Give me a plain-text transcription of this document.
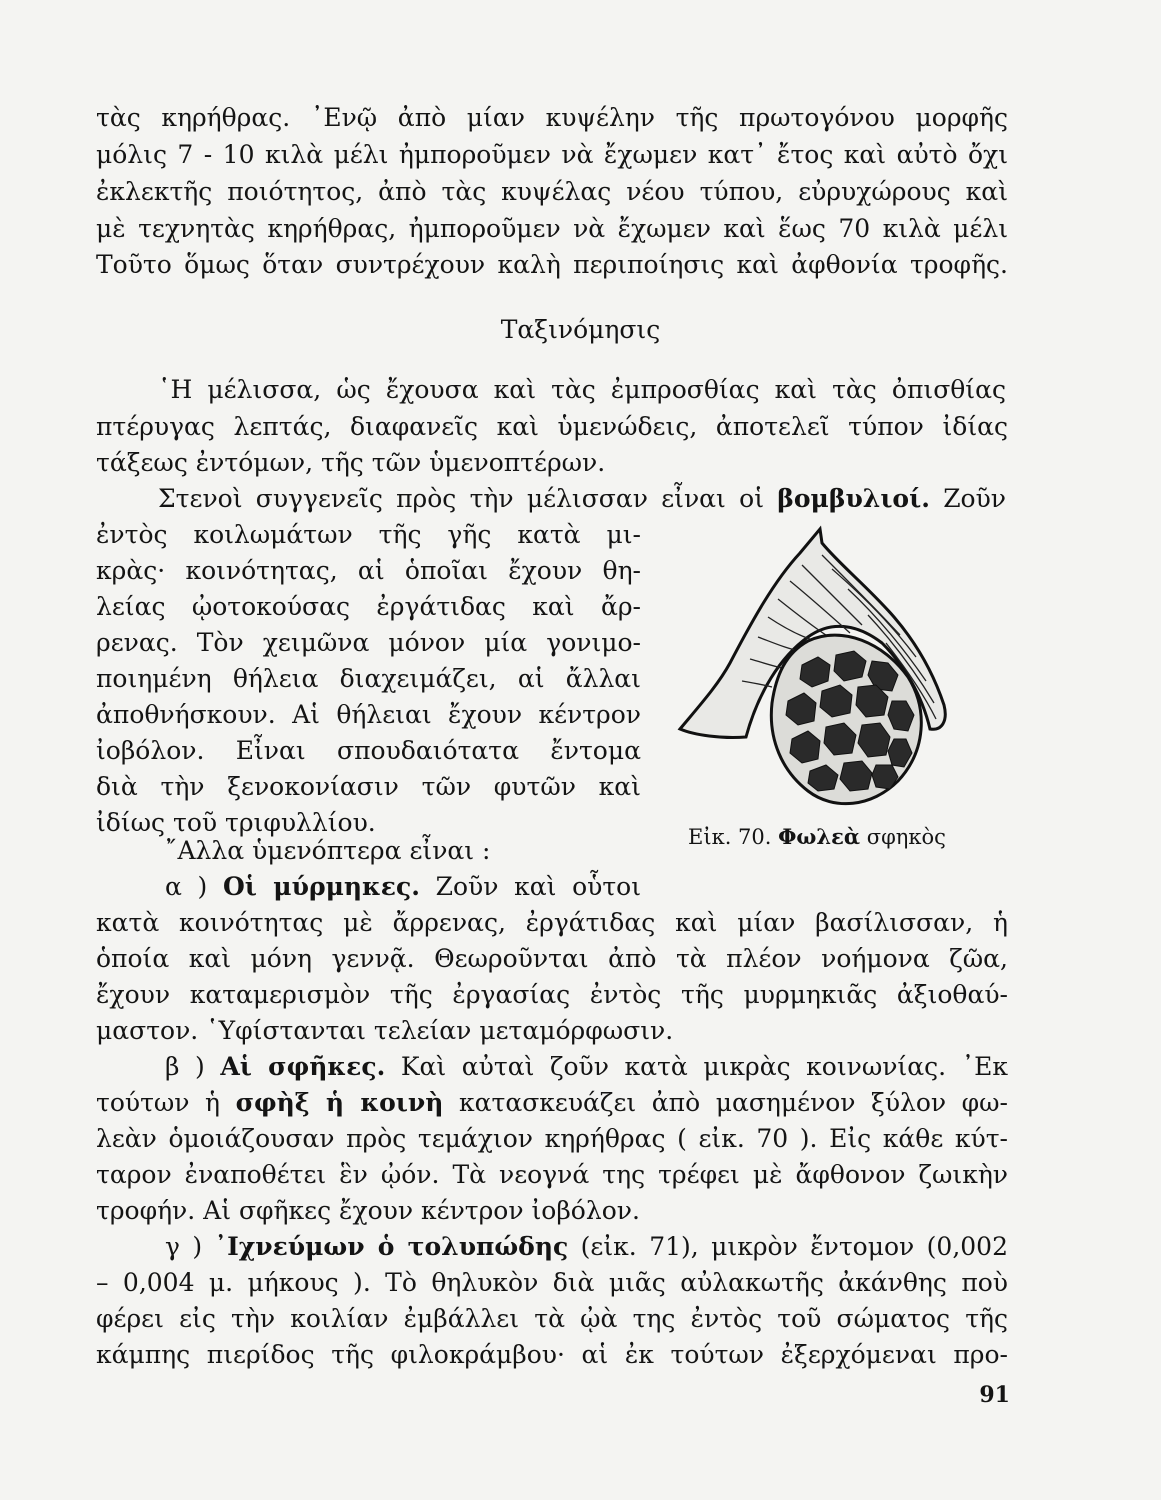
τὰς κηρήθρας. ᾿Ενῷ ἀπὸ μίαν κυψέλην τῆς πρωτογόνου μορφῆς
μόλις 7 - 10 κιλὰ μέλι ἠμποροῦμεν νὰ ἔχωμεν κατ᾿ ἔτος καὶ αὐτὸ ὄχι
ἐκλεκτῆς ποιότητος, ἀπὸ τὰς κυψέλας νέου τύπου, εὐρυχώρους καὶ
μὲ τεχνητὰς κηρήθρας, ἠμποροῦμεν νὰ ἔχωμεν καὶ ἕως 70 κιλὰ μέλι
Τοῦτο ὅμως ὅταν συντρέχουν καλὴ περιποίησις καὶ ἀφθονία τροφῆς.
Ταξινόμησις
῾Η μέλισσα, ὡς ἔχουσα καὶ τὰς ἐμπροσθίας καὶ τὰς ὀπισθίας
πτέρυγας λεπτάς, διαφανεῖς καὶ ὑμενώδεις, ἀποτελεῖ τύπον ἰδίας
τάξεως ἐντόμων, τῆς τῶν ὑμενοπτέρων.
Στενοὶ συγγενεῖς πρὸς τὴν μέλισσαν εἶναι οἱ βομβυλιοί. Ζοῦν
ἐντὸς κοιλωμάτων τῆς γῆς κατὰ μι-
κρὰς· κοινότητας, αἱ ὁποῖαι ἔχουν θη-
λείας ᾠοτοκούσας ἐργάτιδας καὶ ἄρ-
ρενας. Τὸν χειμῶνα μόνον μία γονιμο-
ποιημένη θήλεια διαχειμάζει, αἱ ἄλλαι
ἀποθνήσκουν. Αἱ θήλειαι ἔχουν κέντρον
ἰοβόλον. Εἶναι σπουδαιότατα ἔντομα
διὰ τὴν ξενοκονίασιν τῶν φυτῶν καὶ
ἰδίως τοῦ τριφυλλίου.
῎Αλλα ὑμενόπτερα εἶναι :
α ) Οἱ μύρμηκες. Ζοῦν καὶ οὗτοι
κατὰ κοινότητας μὲ ἄρρενας, ἐργάτιδας καὶ μίαν βασίλισσαν, ἡ
ὁποία καὶ μόνη γεννᾷ. Θεωροῦνται ἀπὸ τὰ πλέον νοήμονα ζῶα,
ἔχουν καταμερισμὸν τῆς ἐργασίας ἐντὸς τῆς μυρμηκιᾶς ἀξιοθαύ-
μαστον. ῾Υφίστανται τελείαν μεταμόρφωσιν.
β ) Αἱ σφῆκες. Καὶ αὐταὶ ζοῦν κατὰ μικρὰς κοινωνίας. ᾿Εκ
τούτων ἡ σφὴξ ἡ κοινὴ κατασκευάζει ἀπὸ μασημένον ξύλον φω-
λεὰν ὁμοιάζουσαν πρὸς τεμάχιον κηρήθρας ( εἰκ. 70 ). Εἰς κάθε κύτ-
ταρον ἐναποθέτει ἓν ᾠόν. Τὰ νεογνά της τρέφει μὲ ἄφθονον ζωικὴν
τροφήν. Αἱ σφῆκες ἔχουν κέντρον ἰοβόλον.
γ ) ᾿Ιχνεύμων ὁ τολυπώδης (εἰκ. 71), μικρὸν ἔντομον (0,002
– 0,004 μ. μήκους ). Τὸ θηλυκὸν διὰ μιᾶς αὐλακωτῆς ἀκάνθης ποὺ
φέρει εἰς τὴν κοιλίαν ἐμβάλλει τὰ ᾠὰ της ἐντὸς τοῦ σώματος τῆς
κάμπης πιερίδος τῆς φιλοκράμβου· αἱ ἐκ τούτων ἐξερχόμεναι προ-
Εἰκ. 70. Φωλεὰ σφηκὸς
91
